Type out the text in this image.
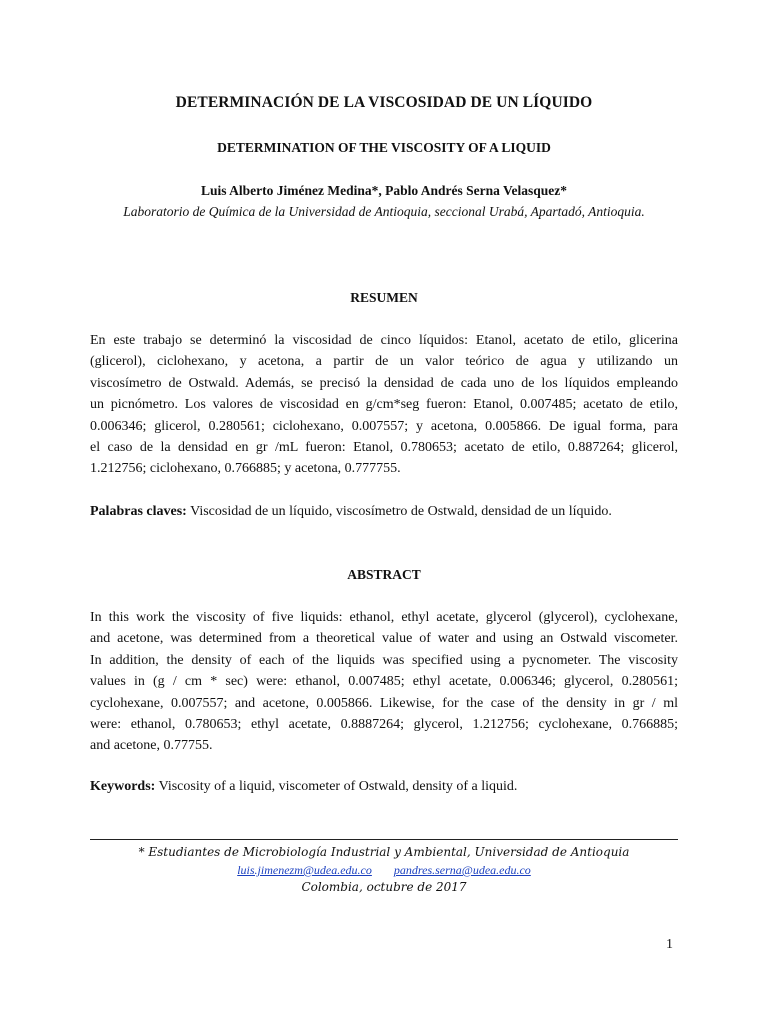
DETERMINACIÓN DE LA VISCOSIDAD DE UN LÍQUIDO
DETERMINATION OF THE VISCOSITY OF A LIQUID
Luis Alberto Jiménez Medina*, Pablo Andrés Serna Velasquez*
Laboratorio de Química de la Universidad de Antioquia, seccional Urabá, Apartadó, Antioquia.
RESUMEN
En este trabajo se determinó la viscosidad de cinco líquidos: Etanol, acetato de etilo, glicerina
(glicerol), ciclohexano, y acetona, a partir de un valor teórico de agua y utilizando un
viscosímetro de Ostwald. Además, se precisó la densidad de cada uno de los líquidos empleando
un picnómetro. Los valores de viscosidad en g/cm*seg fueron: Etanol, 0.007485; acetato de etilo,
0.006346; glicerol, 0.280561; ciclohexano, 0.007557; y acetona, 0.005866. De igual forma, para
el caso de la densidad en gr /mL fueron: Etanol, 0.780653; acetato de etilo, 0.887264; glicerol,
1.212756; ciclohexano, 0.766885; y acetona, 0.777755.
Palabras claves: Viscosidad de un líquido, viscosímetro de Ostwald, densidad de un líquido.
ABSTRACT
In this work the viscosity of five liquids: ethanol, ethyl acetate, glycerol (glycerol), cyclohexane,
and acetone, was determined from a theoretical value of water and using an Ostwald viscometer.
In addition, the density of each of the liquids was specified using a pycnometer. The viscosity
values in (g / cm * sec) were: ethanol, 0.007485; ethyl acetate, 0.006346; glycerol, 0.280561;
cyclohexane, 0.007557; and acetone, 0.005866. Likewise, for the case of the density in gr / ml
were: ethanol, 0.780653; ethyl acetate, 0.8887264; glycerol, 1.212756; cyclohexane, 0.766885;
and acetone, 0.77755.
Keywords: Viscosity of a liquid, viscometer of Ostwald, density of a liquid.
* Estudiantes de Microbiología Industrial y Ambiental, Universidad de Antioquia
luis.jimenezm@udea.edu.co pandres.serna@udea.edu.co
Colombia, octubre de 2017
1
